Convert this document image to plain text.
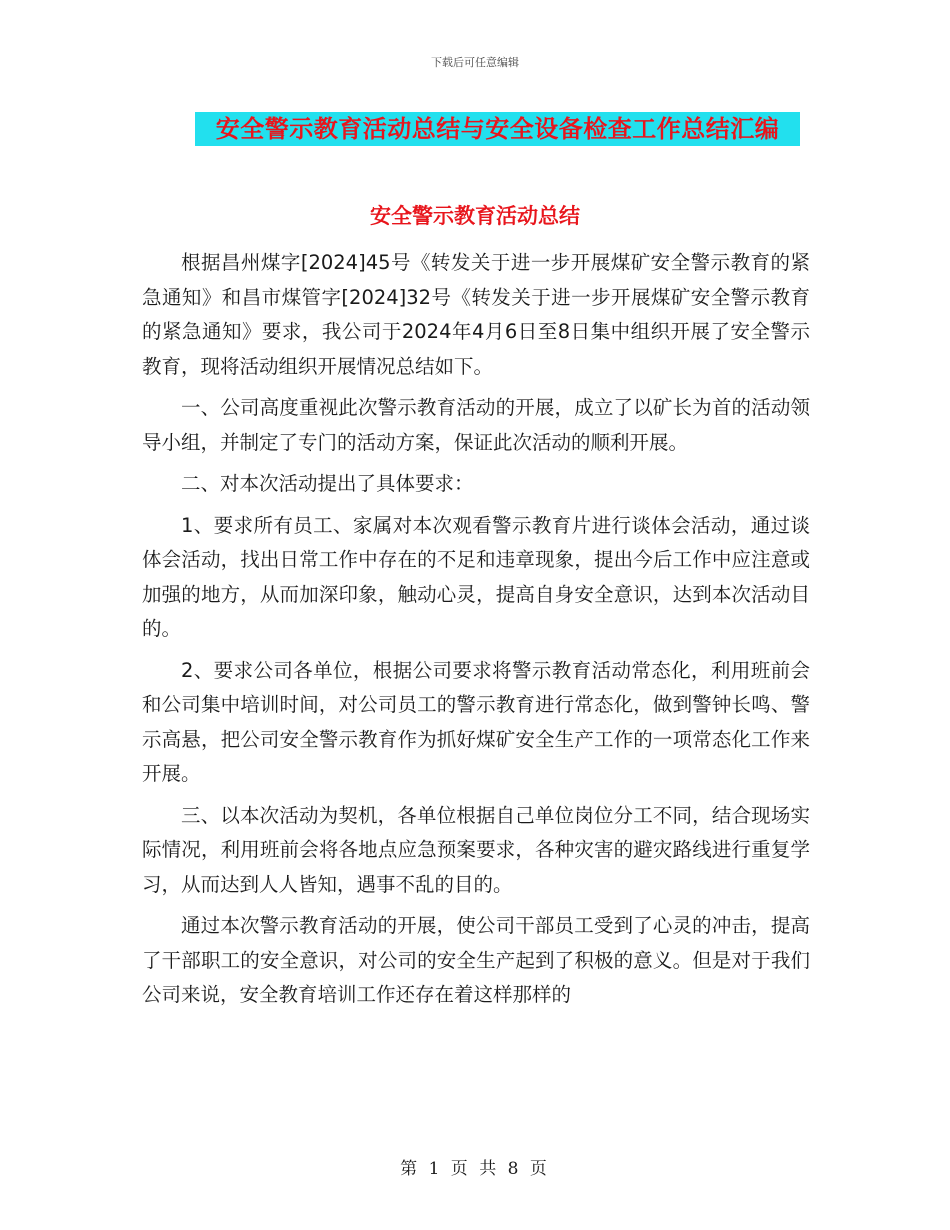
下载后可任意编辑
安全警示教育活动总结与安全设备检查工作总结汇编
安全警示教育活动总结

根据昌州煤字[2024]45号《转发关于进一步开展煤矿安全警示教育的紧急通知》和昌市煤管字[2024]32号《转发关于进一步开展煤矿安全警示教育的紧急通知》要求，我公司于2024年4月6日至8日集中组织开展了安全警示教育，现将活动组织开展情况总结如下。

一、公司高度重视此次警示教育活动的开展，成立了以矿长为首的活动领导小组，并制定了专门的活动方案，保证此次活动的顺利开展。

二、对本次活动提出了具体要求：

1、要求所有员工、家属对本次观看警示教育片进行谈体会活动，通过谈体会活动，找出日常工作中存在的不足和违章现象，提出今后工作中应注意或加强的地方，从而加深印象，触动心灵，提高自身安全意识，达到本次活动目的。

2、要求公司各单位，根据公司要求将警示教育活动常态化，利用班前会和公司集中培训时间，对公司员工的警示教育进行常态化，做到警钟长鸣、警示高悬，把公司安全警示教育作为抓好煤矿安全生产工作的一项常态化工作来开展。

三、以本次活动为契机，各单位根据自己单位岗位分工不同，结合现场实际情况，利用班前会将各地点应急预案要求，各种灾害的避灾路线进行重复学习，从而达到人人皆知，遇事不乱的目的。

通过本次警示教育活动的开展，使公司干部员工受到了心灵的冲击，提高了干部职工的安全意识，对公司的安全生产起到了积极的意义。但是对于我们公司来说，安全教育培训工作还存在着这样那样的

第 1 页 共 8 页
